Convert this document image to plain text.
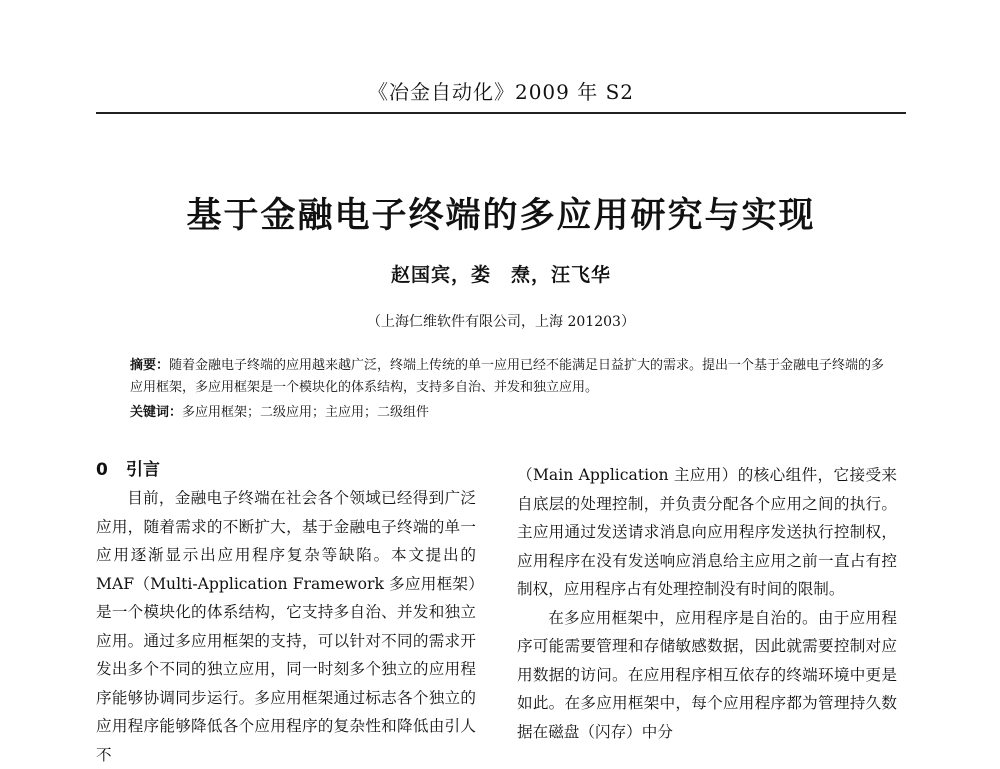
《冶金自动化》2009 年 S2
基于金融电子终端的多应用研究与实现
赵国宾，娄　焘，汪飞华
（上海仁维软件有限公司，上海 201203）
摘要：随着金融电子终端的应用越来越广泛，终端上传统的单一应用已经不能满足日益扩大的需求。提出一个基于金融电子终端的多应用框架，多应用框架是一个模块化的体系结构，支持多自治、并发和独立应用。
关键词：多应用框架；二级应用；主应用；二级组件
0 引言

目前，金融电子终端在社会各个领域已经得到广泛应用，随着需求的不断扩大，基于金融电子终端的单一应用逐渐显示出应用程序复杂等缺陷。本文提出的 MAF（Multi-Application Framework 多应用框架）是一个模块化的体系结构，它支持多自治、并发和独立应用。通过多应用框架的支持，可以针对不同的需求开发出多个不同的独立应用，同一时刻多个独立的应用程序能够协调同步运行。多应用框架通过标志各个独立的应用程序能够降低各个应用程序的复杂性和降低由引人不

（Main Application 主应用）的核心组件，它接受来自底层的处理控制，并负责分配各个应用之间的执行。主应用通过发送请求消息向应用程序发送执行控制权，应用程序在没有发送响应消息给主应用之前一直占有控制权，应用程序占有处理控制没有时间的限制。

在多应用框架中，应用程序是自治的。由于应用程序可能需要管理和存储敏感数据，因此就需要控制对应用数据的访问。在应用程序相互依存的终端环境中更是如此。在多应用框架中，每个应用程序都为管理持久数据在磁盘（闪存）中分
